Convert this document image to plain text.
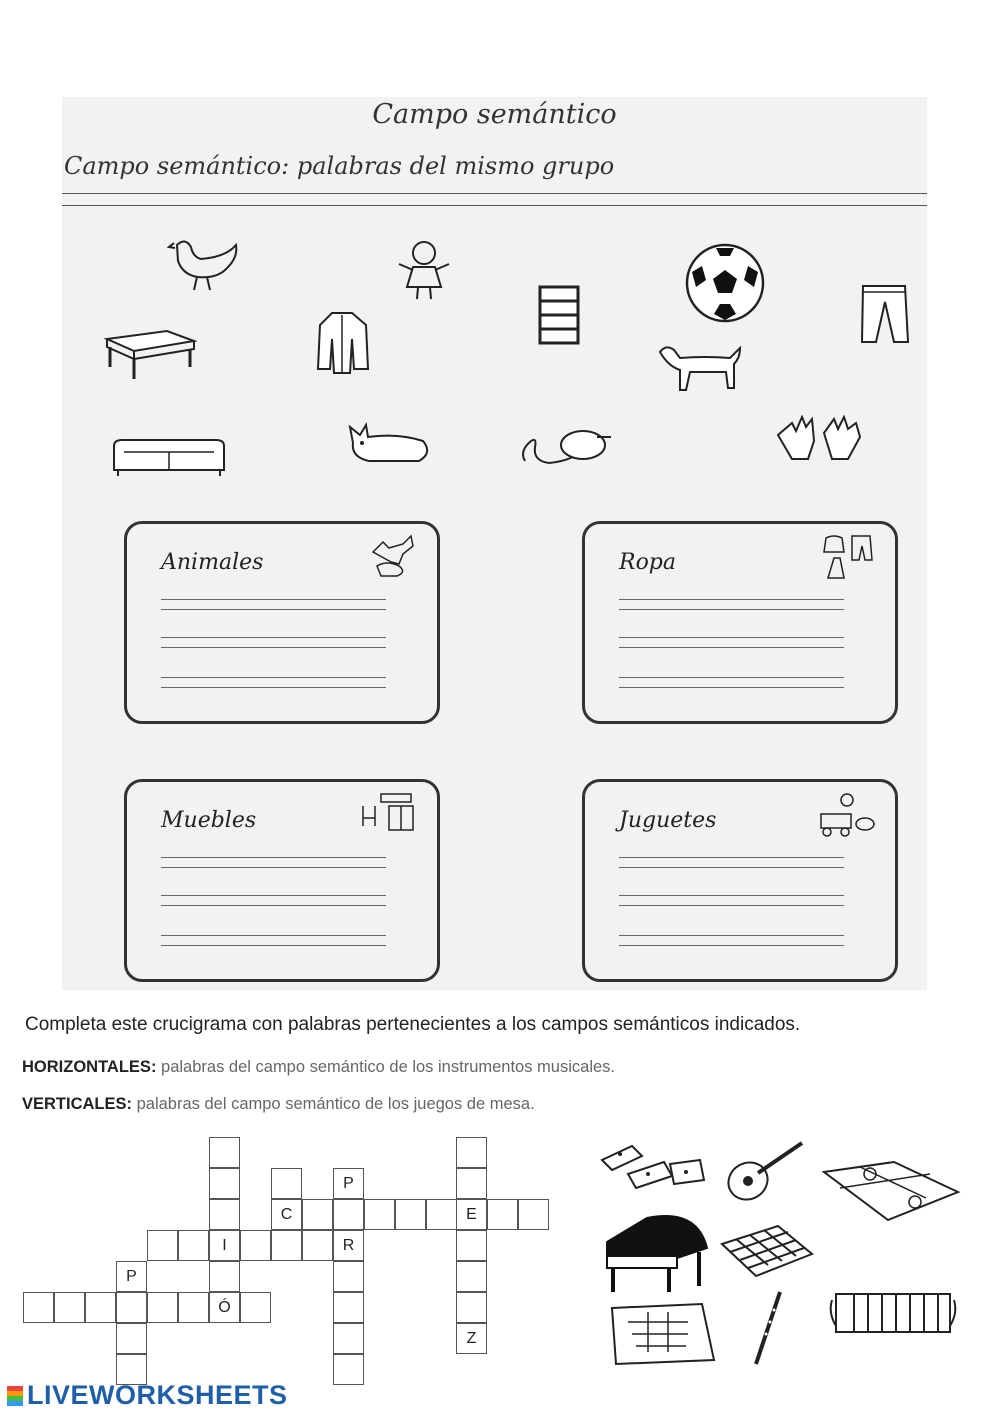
Campo semántico
Campo semántico: palabras del mismo grupo
Animales	Ropa
Muebles	Juguetes
Completa este crucigrama con palabras pertenecientes a los campos semánticos indicados.
HORIZONTALES: palabras del campo semántico de los instrumentos musicales.
VERTICALES: palabras del campo semántico de los juegos de mesa.
I
Ó
E
Z
P
R
C
P
LIVEWORKSHEETS
